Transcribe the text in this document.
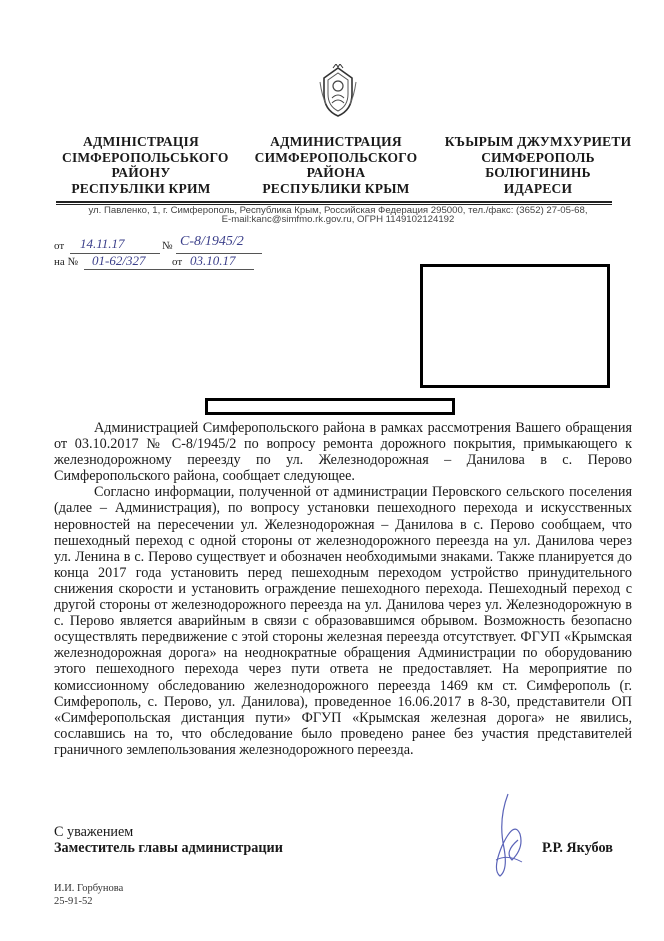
АДМІНІСТРАЦІЯ
СІМФЕРОПОЛЬСЬКОГО
РАЙОНУ
РЕСПУБЛІКИ КРИМ
АДМИНИСТРАЦИЯ
СИМФЕРОПОЛЬСКОГО
РАЙОНА
РЕСПУБЛИКИ КРЫМ
КЪЫРЫМ ДЖУМХУРИЕТИ
СИМФЕРОПОЛЬ
БОЛЮГИНИНЬ
ИДАРЕСИ
ул. Павленко, 1, г. Симферополь, Республика Крым, Российская Федерация 295000, тел./факс: (3652) 27-05-68,
E-mail:kanc@simfmo.rk.gov.ru, ОГРН 1149102124192
от 14.11.17	№ С-8/1945/2
на № 01-62/327 от 03.10.17

Администрацией Симферопольского района в рамках рассмотрения Вашего обращения от 03.10.2017 № С-8/1945/2 по вопросу ремонта дорожного покрытия, примыкающего к железнодорожному переезду по ул. Железнодорожная – Данилова в с. Перово Симферопольского района, сообщает следующее.

Согласно информации, полученной от администрации Перовского сельского поселения (далее – Администрация), по вопросу установки пешеходного перехода и искусственных неровностей на пересечении ул. Железнодорожная – Данилова в с. Перово сообщаем, что пешеходный переход с одной стороны от железнодорожного переезда на ул. Данилова через ул. Ленина в с. Перово существует и обозначен необходимыми знаками. Также планируется до конца 2017 года установить перед пешеходным переходом устройство принудительного снижения скорости и установить ограждение пешеходного перехода. Пешеходный переход с другой стороны от железнодорожного переезда на ул. Данилова через ул. Железнодорожную в с. Перово является аварийным в связи с образовавшимся обрывом. Возможность безопасно осуществлять передвижение с этой стороны железная переезда отсутствует. ФГУП «Крымская железнодорожная дорога» на неоднократные обращения Администрации по оборудованию этого пешеходного перехода через пути ответа не предоставляет. На мероприятие по комиссионному обследованию железнодорожного переезда 1469 км ст. Симферополь (г. Симферополь, с. Перово, ул. Данилова), проведенное 16.06.2017 в 8-30, представители ОП «Симферопольская дистанция пути» ФГУП «Крымская железная дорога» не явились, сославшись на то, что обследование было проведено ранее без участия представителей граничного землепользования железнодорожного переезда.

С уважением
Заместитель главы администрации	Р.Р. Якубов
И.И. Горбунова
25-91-52
